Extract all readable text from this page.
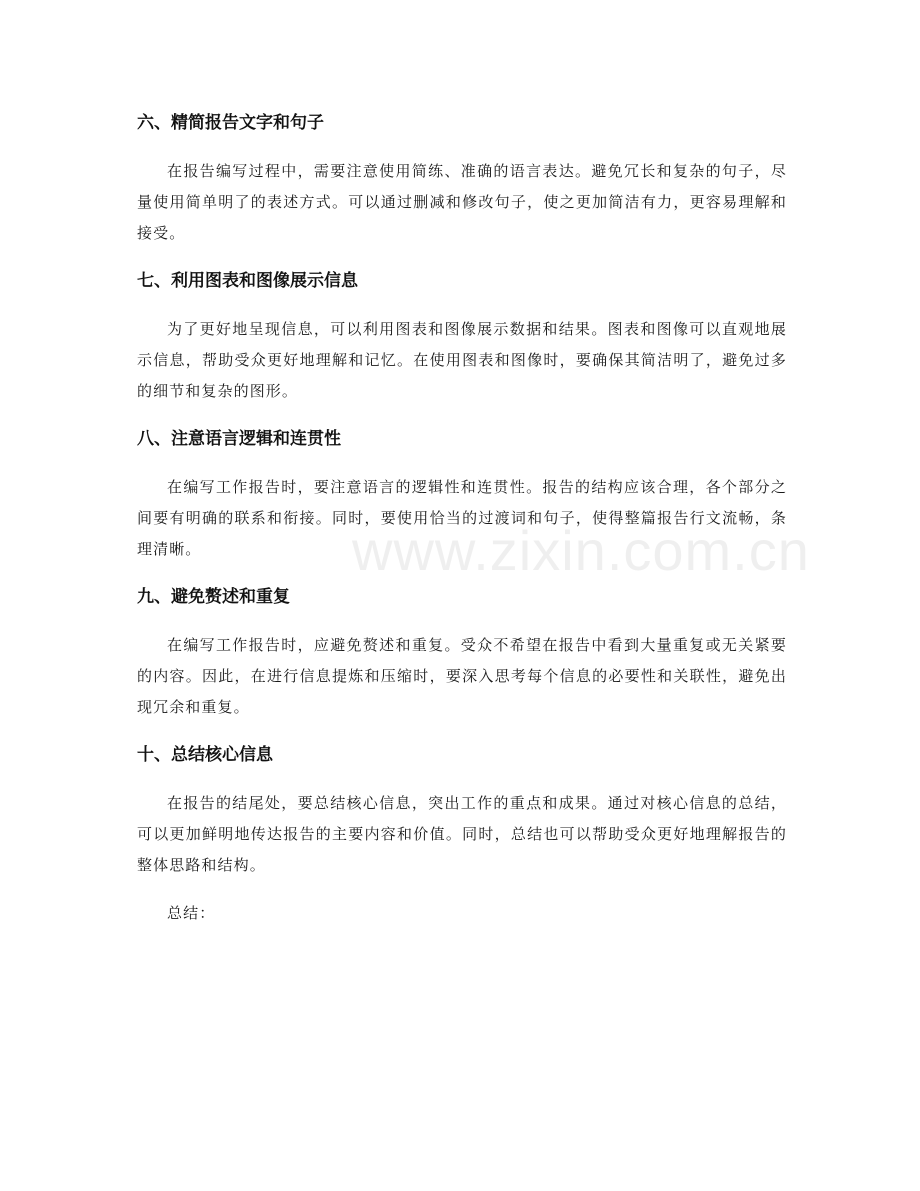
六、精简报告文字和句子
在报告编写过程中，需要注意使用简练、准确的语言表达。避免冗长和复杂的句子，尽量使用简单明了的表述方式。可以通过删减和修改句子，使之更加简洁有力，更容易理解和接受。
七、利用图表和图像展示信息
为了更好地呈现信息，可以利用图表和图像展示数据和结果。图表和图像可以直观地展示信息，帮助受众更好地理解和记忆。在使用图表和图像时，要确保其简洁明了，避免过多的细节和复杂的图形。
八、注意语言逻辑和连贯性
在编写工作报告时，要注意语言的逻辑性和连贯性。报告的结构应该合理，各个部分之间要有明确的联系和衔接。同时，要使用恰当的过渡词和句子，使得整篇报告行文流畅，条理清晰。
九、避免赘述和重复
在编写工作报告时，应避免赘述和重复。受众不希望在报告中看到大量重复或无关紧要的内容。因此，在进行信息提炼和压缩时，要深入思考每个信息的必要性和关联性，避免出现冗余和重复。
十、总结核心信息
在报告的结尾处，要总结核心信息，突出工作的重点和成果。通过对核心信息的总结，可以更加鲜明地传达报告的主要内容和价值。同时，总结也可以帮助受众更好地理解报告的整体思路和结构。
总结：
www.zixin.com.cn
